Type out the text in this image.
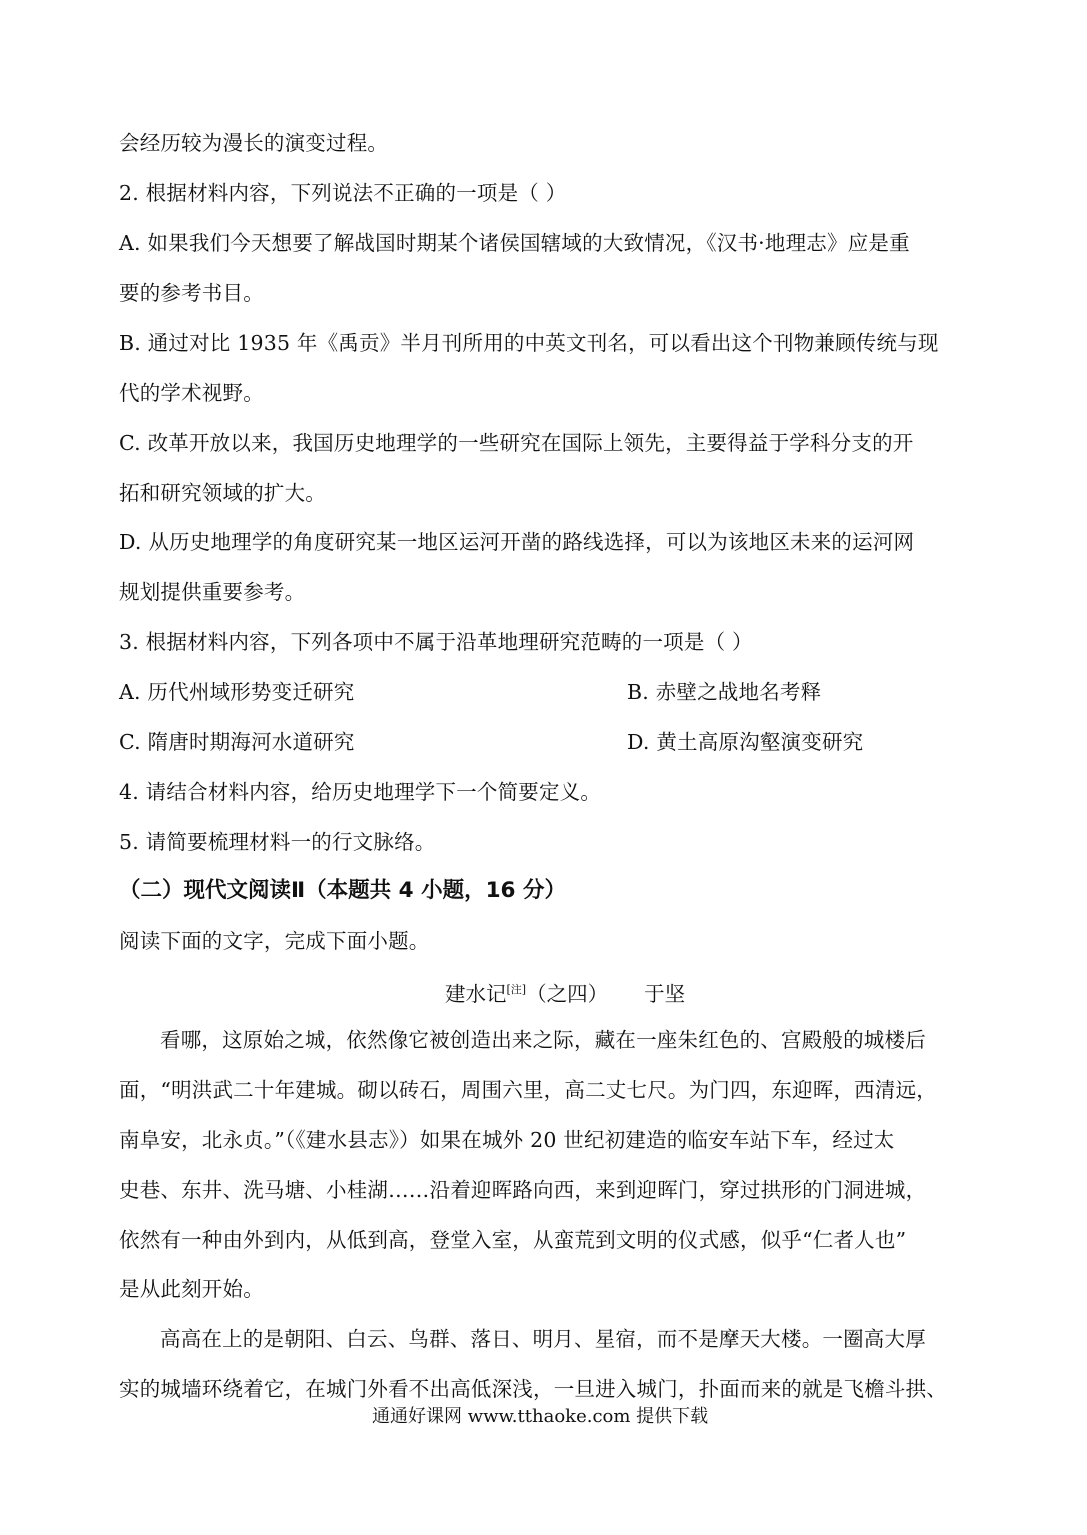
会经历较为漫长的演变过程。
2. 根据材料内容，下列说法不正确的一项是（ ）
A. 如果我们今天想要了解战国时期某个诸侯国辖域的大致情况，《汉书·地理志》应是重
要的参考书目。
B. 通过对比 1935 年《禹贡》半月刊所用的中英文刊名，可以看出这个刊物兼顾传统与现
代的学术视野。
C. 改革开放以来，我国历史地理学的一些研究在国际上领先，主要得益于学科分支的开
拓和研究领域的扩大。
D. 从历史地理学的角度研究某一地区运河开凿的路线选择，可以为该地区未来的运河网
规划提供重要参考。
3. 根据材料内容，下列各项中不属于沿革地理研究范畴的一项是（ ）
A. 历代州域形势变迁研究	B. 赤壁之战地名考释
C. 隋唐时期海河水道研究	D. 黄土高原沟壑演变研究
4. 请结合材料内容，给历史地理学下一个简要定义。
5. 请简要梳理材料一的行文脉络。
（二）现代文阅读Ⅱ（本题共 4 小题，16 分）
阅读下面的文字，完成下面小题。
建水记[注]（之四） 于坚
看哪，这原始之城，依然像它被创造出来之际，藏在一座朱红色的、宫殿般的城楼后
面，“明洪武二十年建城。砌以砖石，周围六里，高二丈七尺。为门四，东迎晖，西清远，
南阜安，北永贞。”（《建水县志》）如果在城外 20 世纪初建造的临安车站下车，经过太
史巷、东井、洗马塘、小桂湖……沿着迎晖路向西，来到迎晖门，穿过拱形的门洞进城，
依然有一种由外到内，从低到高，登堂入室，从蛮荒到文明的仪式感，似乎“仁者人也”
是从此刻开始。
高高在上的是朝阳、白云、鸟群、落日、明月、星宿，而不是摩天大楼。一圈高大厚
实的城墙环绕着它，在城门外看不出高低深浅，一旦进入城门，扑面而来的就是飞檐斗拱、
通通好课网 www.tthaoke.com 提供下载
